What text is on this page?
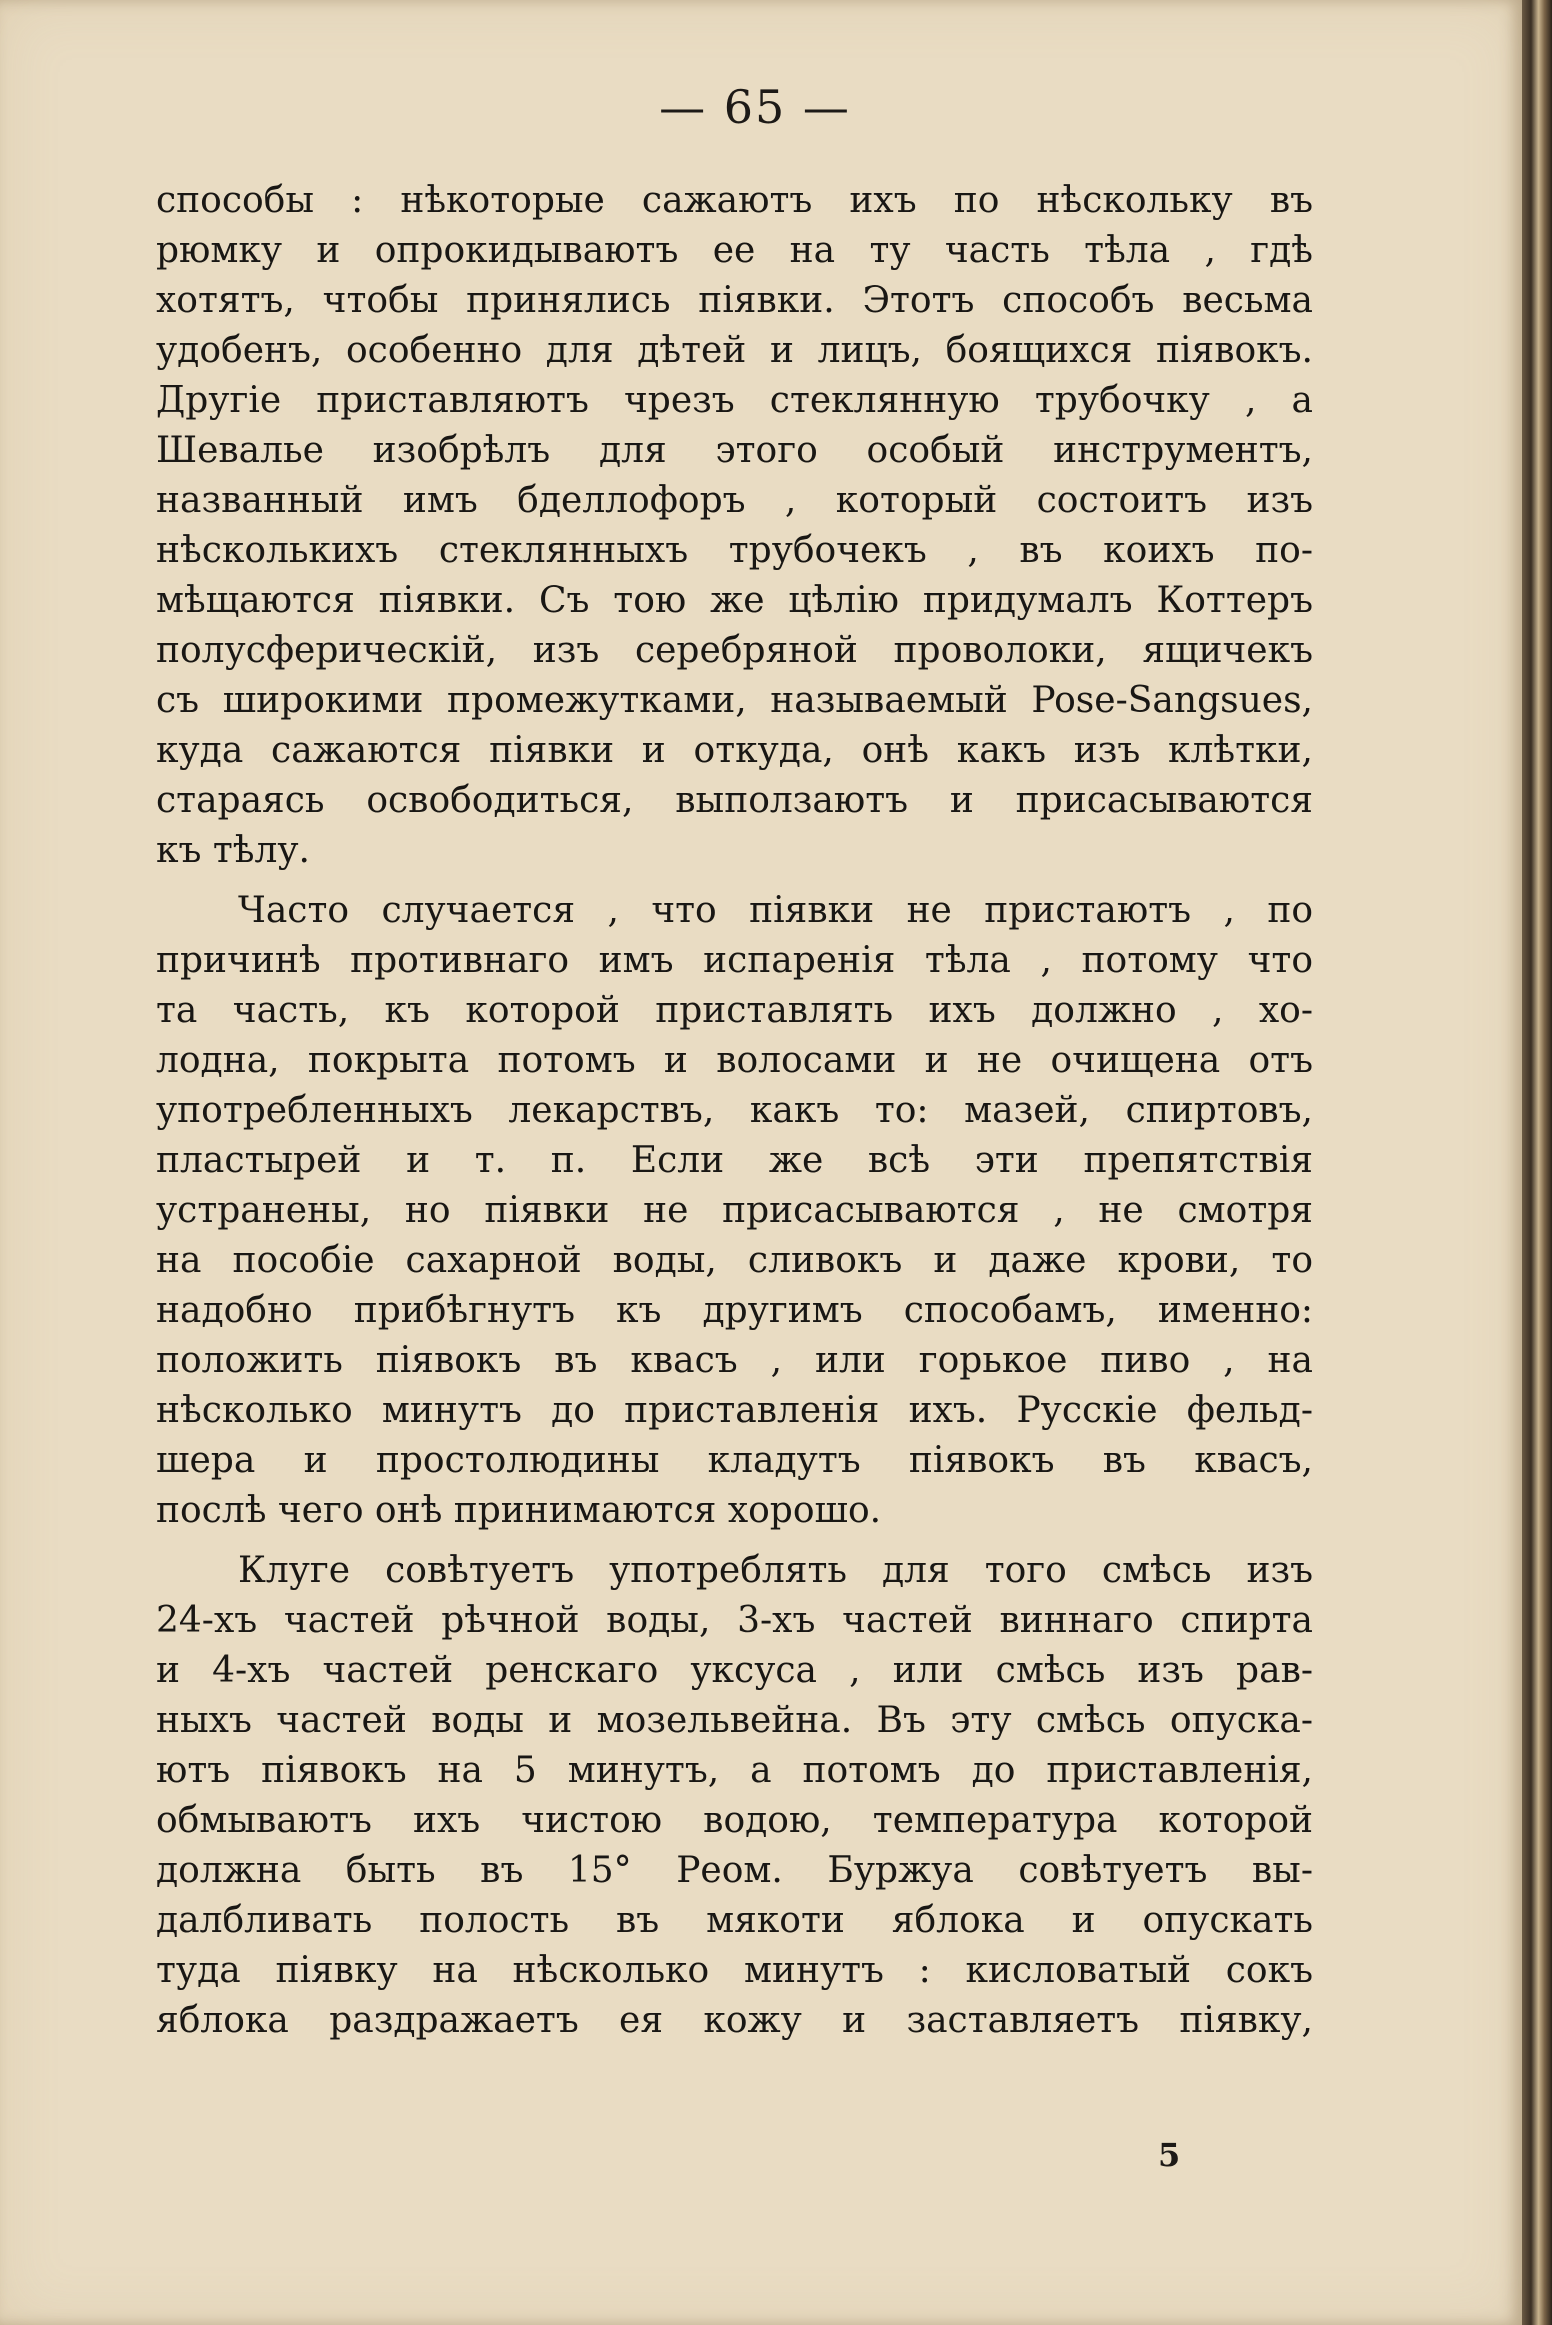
— 65 —
способы : нѣкоторые сажаютъ ихъ по нѣскольку въ
рюмку и опрокидываютъ ее на ту часть тѣла , гдѣ
хотятъ, чтобы принялись піявки. Этотъ способъ весьма
удобенъ, особенно для дѣтей и лицъ, боящихся піявокъ.
Другіе приставляютъ чрезъ стеклянную трубочку , а
Шевалье изобрѣлъ для этого особый инструментъ,
названный имъ бделлофоръ , который состоитъ изъ
нѣсколькихъ стеклянныхъ трубочекъ , въ коихъ по-
мѣщаются піявки. Съ тою же цѣлію придумалъ Коттеръ
полусферическій, изъ серебряной проволоки, ящичекъ
съ широкими промежутками, называемый Pose-Sangsues,
куда сажаются піявки и откуда, онѣ какъ изъ клѣтки,
стараясь освободиться, выползаютъ и присасываются
къ тѣлу.
Часто случается , что піявки не пристаютъ , по
причинѣ противнаго имъ испаренія тѣла , потому что
та часть, къ которой приставлять ихъ должно , хо-
лодна, покрыта потомъ и волосами и не очищена отъ
употребленныхъ лекарствъ, какъ то: мазей, спиртовъ,
пластырей и т. п. Если же всѣ эти препятствія
устранены, но піявки не присасываются , не смотря
на пособіе сахарной воды, сливокъ и даже крови, то
надобно прибѣгнутъ къ другимъ способамъ, именно:
положить піявокъ въ квасъ , или горькое пиво , на
нѣсколько минутъ до приставленія ихъ. Русскіе фельд-
шера и простолюдины кладутъ піявокъ въ квасъ,
послѣ чего онѣ принимаются хорошо.
Клуге совѣтуетъ употреблять для того смѣсь изъ
24-хъ частей рѣчной воды, 3-хъ частей виннаго спирта
и 4-хъ частей ренскаго уксуса , или смѣсь изъ рав-
ныхъ частей воды и мозельвейна. Въ эту смѣсь опуска-
ютъ піявокъ на 5 минутъ, а потомъ до приставленія,
обмываютъ ихъ чистою водою, температура которой
должна быть въ 15° Реом. Буржуа совѣтуетъ вы-
далбливать полость въ мякоти яблока и опускать
туда піявку на нѣсколько минутъ : кисловатый сокъ
яблока раздражаетъ ея кожу и заставляетъ піявку,
5
